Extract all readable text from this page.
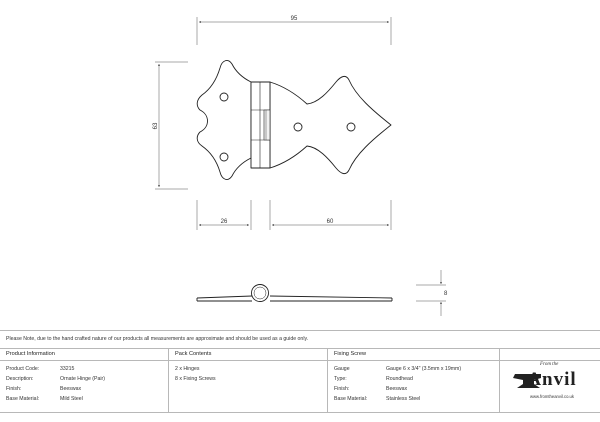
95
63
26	60
8
Please Note, due to the hand crafted nature of our products all measurements are approximate and should be used as a guide only.
Product Information
Product Code:	33215
Description:	Ornate Hinge (Pair)
Finish:	Beeswax
Base Material:	Mild Steel
Pack Contents
2 x Hinges
8 x Fixing Screws
Fixing Screw
Gauge	Gauge 6 x 3/4" (3.5mm x 19mm)
Type:	Roundhead
Finish:	Beeswax
Base Material:	Stainless Steel
From the
Anvil
www.fromtheanvil.co.uk
